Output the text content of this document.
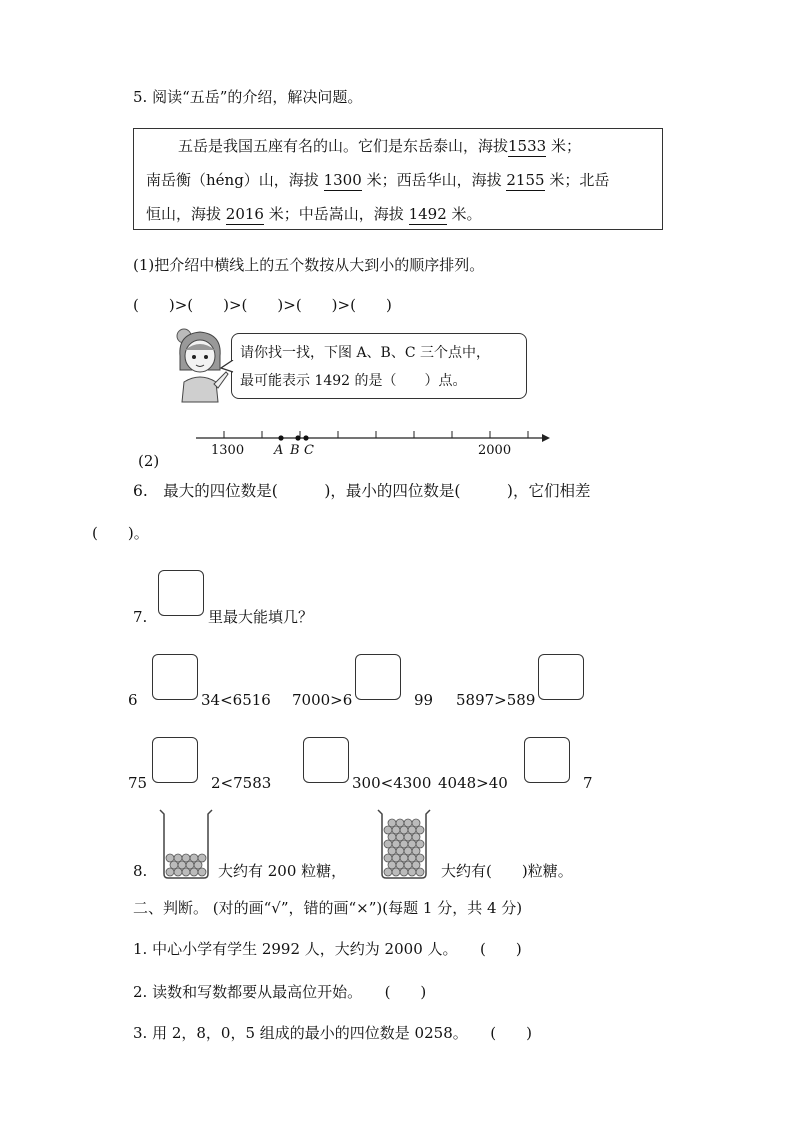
5. 阅读“五岳”的介绍，解决问题。
五岳是我国五座有名的山。它们是东岳泰山，海拔1533 米；
南岳衡（héng）山，海拔 1300 米；西岳华山，海拔 2155 米；北岳
恒山，海拔 2016 米；中岳嵩山，海拔 1492 米。
(1)把介绍中横线上的五个数按从大到小的顺序排列。
(　　)>(　　)>(　　)>(　　)>(　　)
请你找一找，下图 A、B、C 三个点中，
最可能表示 1492 的是（　　）点。
1300	2000
A B C
(2)
6.　最大的四位数是(　　　)，最小的四位数是(　　　)，它们相差
(　　)。
7.	里最大能填几？
6	34<6516 7000>6	99 5897>589
75	2<7583	300<4300 4048>40	7
8.	大约有 200 粒糖，	大约有(　　)粒糖。
二、判断。 (对的画“√”，错的画“×”)(每题 1 分，共 4 分)
1. 中心小学有学生 2992 人，大约为 2000 人。　　(　　)
2. 读数和写数都要从最高位开始。　　(　　)
3. 用 2，8，0，5 组成的最小的四位数是 0258。　　(　　)
